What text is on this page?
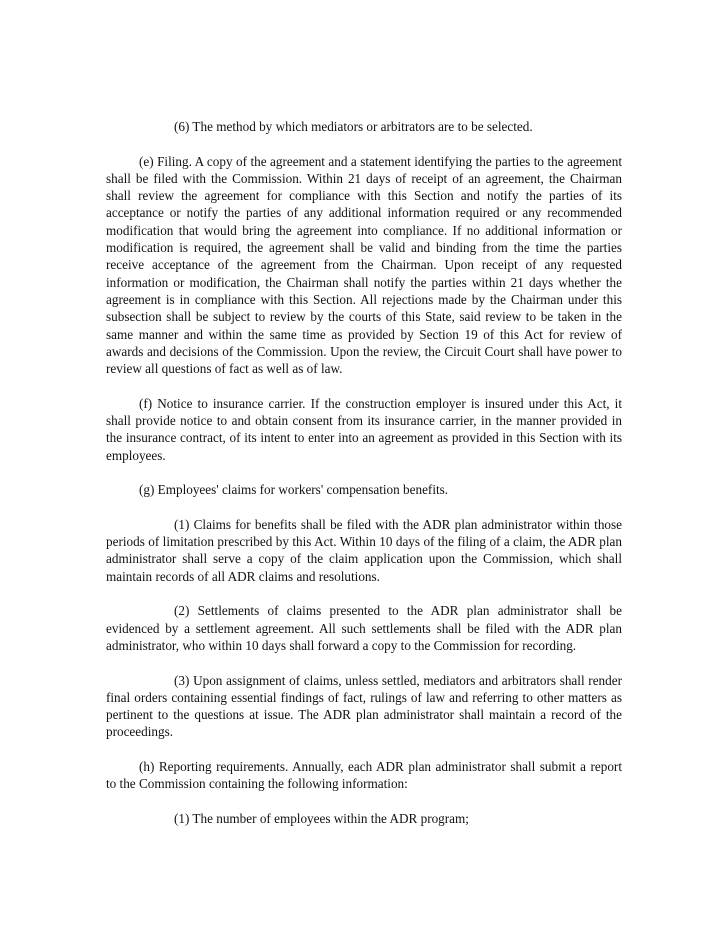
(6) The method by which mediators or arbitrators are to be selected.

(e) Filing. A copy of the agreement and a statement identifying the parties to the agreement shall be filed with the Commission. Within 21 days of receipt of an agreement, the Chairman shall review the agreement for compliance with this Section and notify the parties of its acceptance or notify the parties of any additional information required or any recommended modification that would bring the agreement into compliance. If no additional information or modification is required, the agreement shall be valid and binding from the time the parties receive acceptance of the agreement from the Chairman. Upon receipt of any requested information or modification, the Chairman shall notify the parties within 21 days whether the agreement is in compliance with this Section. All rejections made by the Chairman under this subsection shall be subject to review by the courts of this State, said review to be taken in the same manner and within the same time as provided by Section 19 of this Act for review of awards and decisions of the Commission. Upon the review, the Circuit Court shall have power to review all questions of fact as well as of law.

(f) Notice to insurance carrier. If the construction employer is insured under this Act, it shall provide notice to and obtain consent from its insurance carrier, in the manner provided in the insurance contract, of its intent to enter into an agreement as provided in this Section with its employees.

(g) Employees' claims for workers' compensation benefits.

(1) Claims for benefits shall be filed with the ADR plan administrator within those periods of limitation prescribed by this Act. Within 10 days of the filing of a claim, the ADR plan administrator shall serve a copy of the claim application upon the Commission, which shall maintain records of all ADR claims and resolutions.

(2) Settlements of claims presented to the ADR plan administrator shall be evidenced by a settlement agreement. All such settlements shall be filed with the ADR plan administrator, who within 10 days shall forward a copy to the Commission for recording.

(3) Upon assignment of claims, unless settled, mediators and arbitrators shall render final orders containing essential findings of fact, rulings of law and referring to other matters as pertinent to the questions at issue. The ADR plan administrator shall maintain a record of the proceedings.

(h) Reporting requirements. Annually, each ADR plan administrator shall submit a report to the Commission containing the following information:

(1) The number of employees within the ADR program;
